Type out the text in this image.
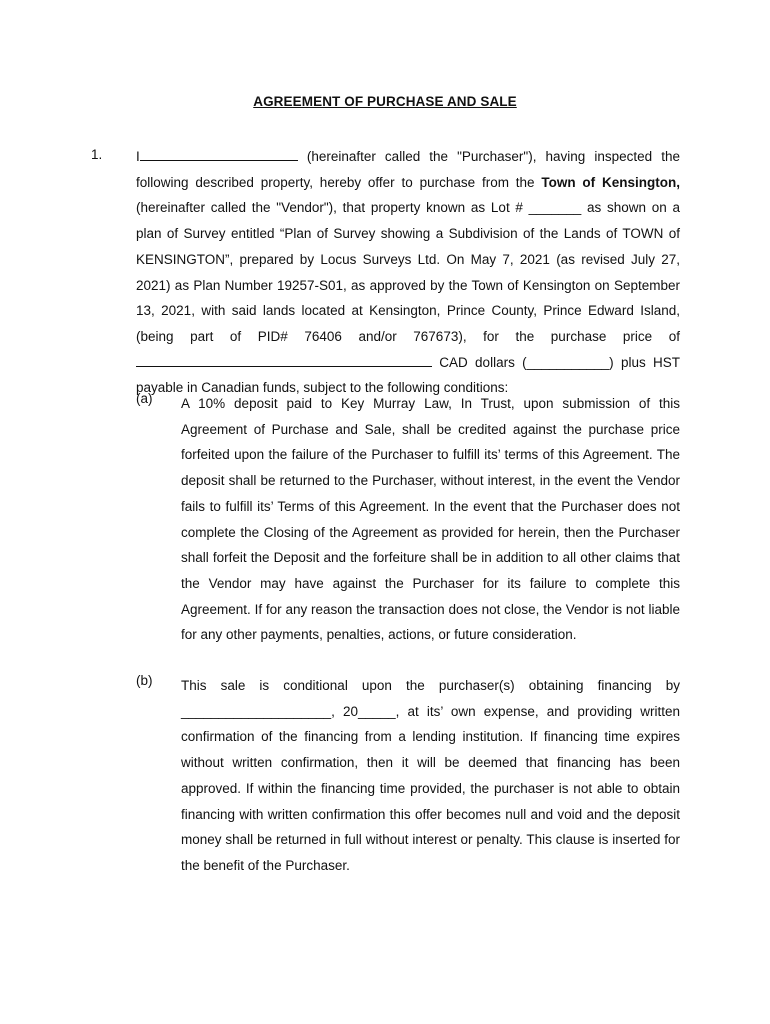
AGREEMENT OF PURCHASE AND SALE
1. I	(hereinafter called the "Purchaser"), having inspected the following described property, hereby offer to purchase from the Town of Kensington, (hereinafter called the "Vendor"), that property known as Lot # _______ as shown on a plan of Survey entitled “Plan of Survey showing a Subdivision of the Lands of TOWN of KENSINGTON”, prepared by Locus Surveys Ltd. On May 7, 2021 (as revised July 27, 2021) as Plan Number 19257-S01, as approved by the Town of Kensington on September 13, 2021, with said lands located at Kensington, Prince County, Prince Edward Island, (being part of PID# 76406 and/or 767673), for the purchase price of  CAD dollars (___________) plus HST payable in Canadian funds, subject to the following conditions:
(a) A 10% deposit paid to Key Murray Law, In Trust, upon submission of this Agreement of Purchase and Sale, shall be credited against the purchase price forfeited upon the failure of the Purchaser to fulfill its’ terms of this Agreement. The deposit shall be returned to the Purchaser, without interest, in the event the Vendor fails to fulfill its’ Terms of this Agreement. In the event that the Purchaser does not complete the Closing of the Agreement as provided for herein, then the Purchaser shall forfeit the Deposit and the forfeiture shall be in addition to all other claims that the Vendor may have against the Purchaser for its failure to complete this Agreement. If for any reason the transaction does not close, the Vendor is not liable for any other payments, penalties, actions, or future consideration.
(b) This sale is conditional upon the purchaser(s) obtaining financing by ____________________, 20_____, at its’ own expense, and providing written confirmation of the financing from a lending institution. If financing time expires without written confirmation, then it will be deemed that financing has been approved. If within the financing time provided, the purchaser is not able to obtain financing with written confirmation this offer becomes null and void and the deposit money shall be returned in full without interest or penalty. This clause is inserted for the benefit of the Purchaser.
